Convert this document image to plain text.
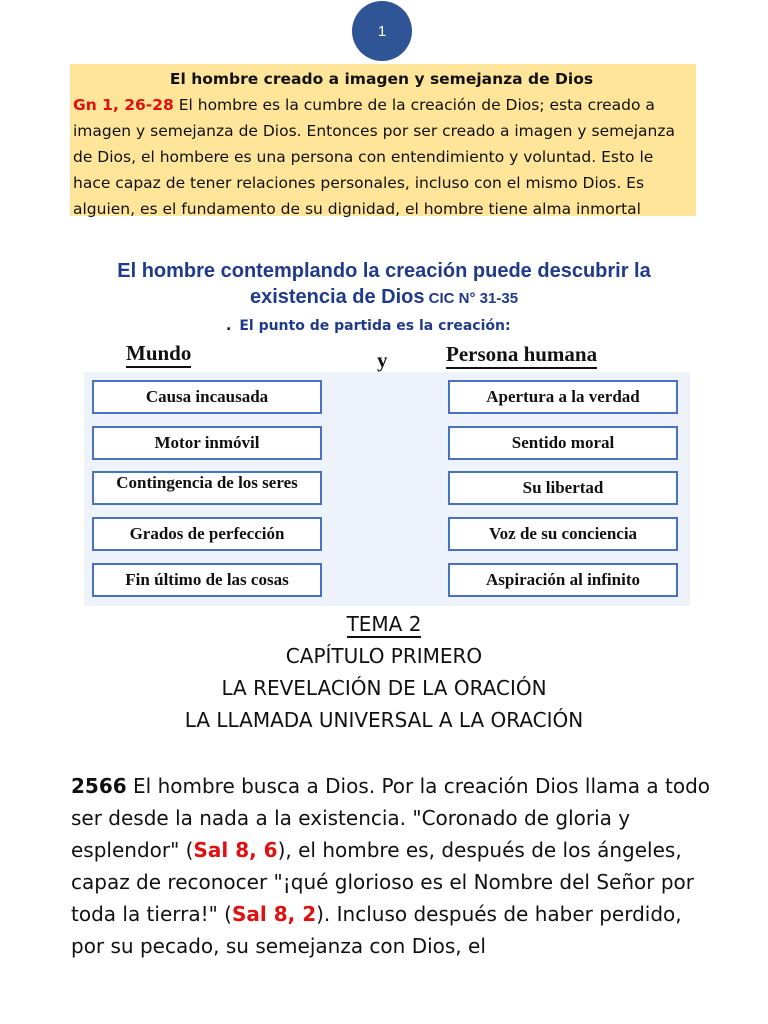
1
El hombre creado a imagen y semejanza de Dios

Gn 1, 26-28 El hombre es la cumbre de la creación de Dios; esta creado a imagen y semejanza de Dios. Entonces por ser creado a imagen y semejanza de Dios, el hombere es una persona con entendimiento y voluntad. Esto le hace capaz de tener relaciones personales, incluso con el mismo Dios. Es alguien, es el fundamento de su dignidad, el hombre tiene alma inmortal

El hombre contemplando la creación puede descubrir la
existencia de Dios CIC N° 31-35
. El punto de partida es la creación:
Mundo	y	Persona humana
Causa incausada
Motor inmóvil
Contingencia de los seres
Grados de perfección
Fin último de las cosas
Apertura a la verdad
Sentido moral
Su libertad
Voz de su conciencia
Aspiración al infinito
TEMA 2
CAPÍTULO PRIMERO
LA REVELACIÓN DE LA ORACIÓN
LA LLAMADA UNIVERSAL A LA ORACIÓN
2566 El hombre busca a Dios. Por la creación Dios llama a todo ser desde la nada a la existencia. "Coronado de gloria y esplendor" (Sal 8, 6), el hombre es, después de los ángeles, capaz de reconocer "¡qué glorioso es el Nombre del Señor por toda la tierra!" (Sal 8, 2). Incluso después de haber perdido, por su pecado, su semejanza con Dios, el
